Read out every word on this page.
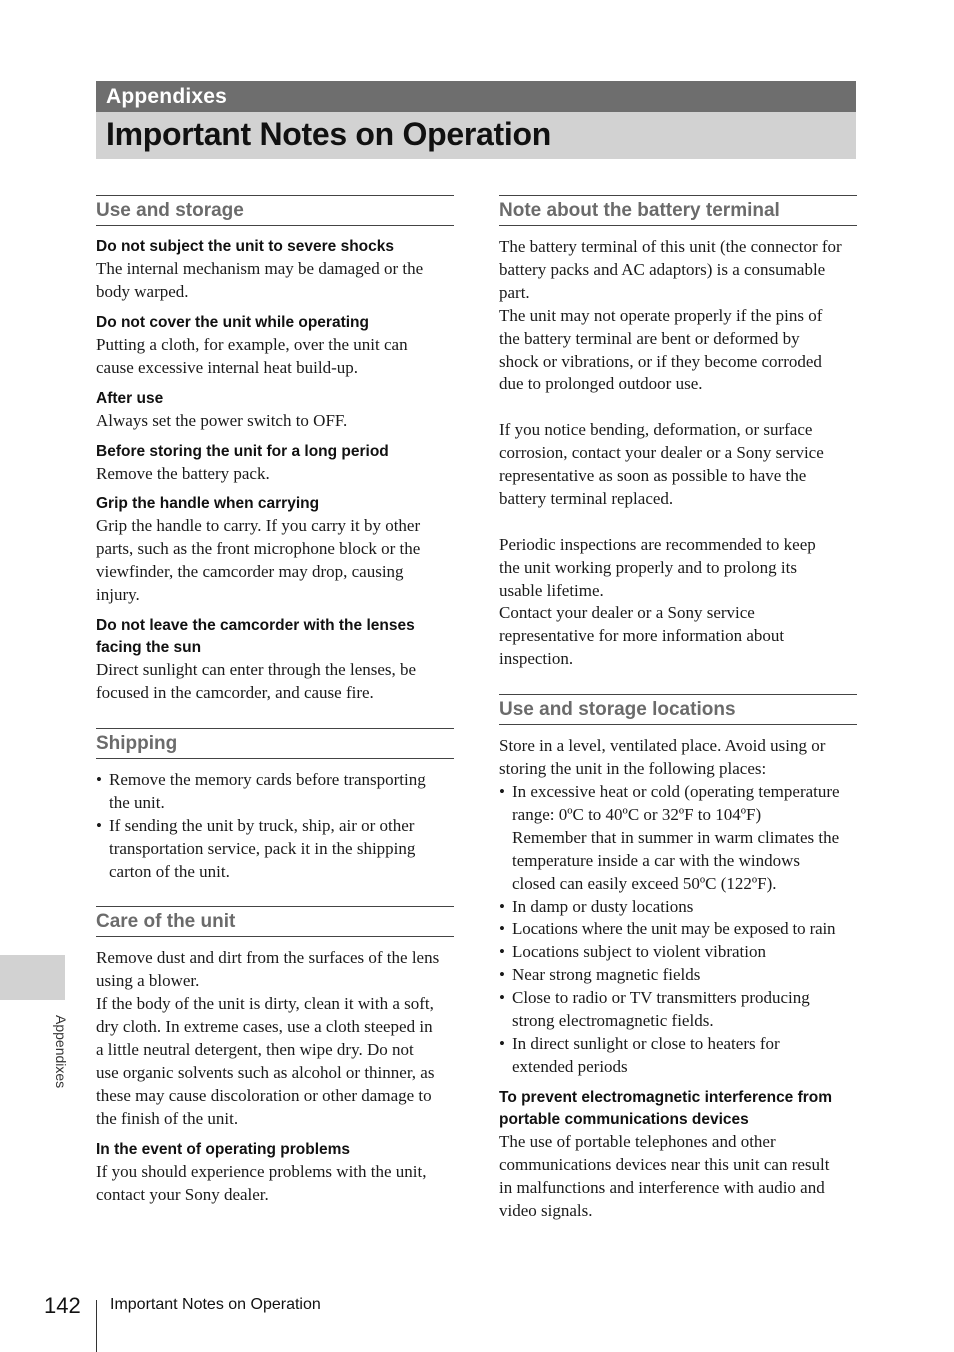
Appendixes
Important Notes on Operation
Use and storage
Do not subject the unit to severe shocks

The internal mechanism may be damaged or the

body warped.

Do not cover the unit while operating

Putting a cloth, for example, over the unit can

cause excessive internal heat build-up.

After use

Always set the power switch to OFF.

Before storing the unit for a long period

Remove the battery pack.

Grip the handle when carrying

Grip the handle to carry. If you carry it by other

parts, such as the front microphone block or the

viewfinder, the camcorder may drop, causing

injury.

Do not leave the camcorder with the lenses
facing the sun

Direct sunlight can enter through the lenses, be

focused in the camcorder, and cause fire.

Shipping
• Remove the memory cards before transporting
the unit.
• If sending the unit by truck, ship, air or other
transportation service, pack it in the shipping
carton of the unit.
Care of the unit

Remove dust and dirt from the surfaces of the lens

using a blower.

If the body of the unit is dirty, clean it with a soft,

dry cloth. In extreme cases, use a cloth steeped in

a little neutral detergent, then wipe dry. Do not

use organic solvents such as alcohol or thinner, as

these may cause discoloration or other damage to

the finish of the unit.

In the event of operating problems

If you should experience problems with the unit,

contact your Sony dealer.

Note about the battery terminal

The battery terminal of this unit (the connector for

battery packs and AC adaptors) is a consumable

part.

The unit may not operate properly if the pins of

the battery terminal are bent or deformed by

shock or vibrations, or if they become corroded

due to prolonged outdoor use.

If you notice bending, deformation, or surface

corrosion, contact your dealer or a Sony service

representative as soon as possible to have the

battery terminal replaced.

Periodic inspections are recommended to keep

the unit working properly and to prolong its

usable lifetime.

Contact your dealer or a Sony service

representative for more information about

inspection.

Use and storage locations

Store in a level, ventilated place. Avoid using or

storing the unit in the following places:

• In excessive heat or cold (operating temperature
range: 0ºC to 40ºC or 32ºF to 104ºF)
Remember that in summer in warm climates the
temperature inside a car with the windows
closed can easily exceed 50ºC (122ºF).
• In damp or dusty locations
• Locations where the unit may be exposed to rain
• Locations subject to violent vibration
• Near strong magnetic fields
• Close to radio or TV transmitters producing
strong electromagnetic fields.
• In direct sunlight or close to heaters for
extended periods
To prevent electromagnetic interference from
portable communications devices

The use of portable telephones and other

communications devices near this unit can result

in malfunctions and interference with audio and

video signals.

Appendixes
142 Important Notes on Operation
